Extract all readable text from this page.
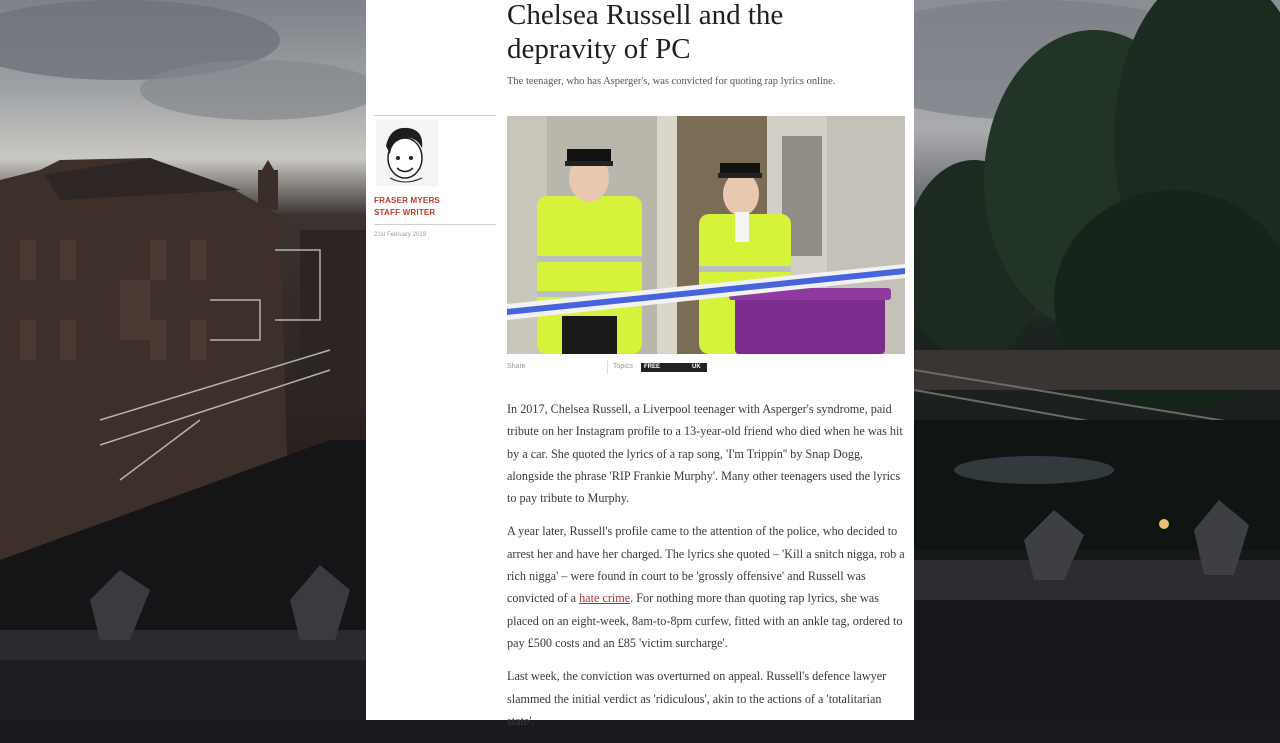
Chelsea Russell and the depravity of PC

The teenager, who has Asperger's, was convicted for quoting rap lyrics online.

FRASER MYERS
STAFF WRITER
21st February 2019
Share	Topics	FREE SPEECH
UK

In 2017, Chelsea Russell, a Liverpool teenager with Asperger's syndrome, paid tribute on her Instagram profile to a 13-year-old friend who died when he was hit by a car. She quoted the lyrics of a rap song, 'I'm Trippin'' by Snap Dogg, alongside the phrase 'RIP Frankie Murphy'. Many other teenagers used the lyrics to pay tribute to Murphy.

A year later, Russell's profile came to the attention of the police, who decided to arrest her and have her charged. The lyrics she quoted – 'Kill a snitch nigga, rob a rich nigga' – were found in court to be 'grossly offensive' and Russell was convicted of a hate crime. For nothing more than quoting rap lyrics, she was placed on an eight-week, 8am-to-8pm curfew, fitted with an ankle tag, ordered to pay £500 costs and an £85 'victim surcharge'.

Last week, the conviction was overturned on appeal. Russell's defence lawyer slammed the initial verdict as 'ridiculous', akin to the actions of a 'totalitarian state'.
